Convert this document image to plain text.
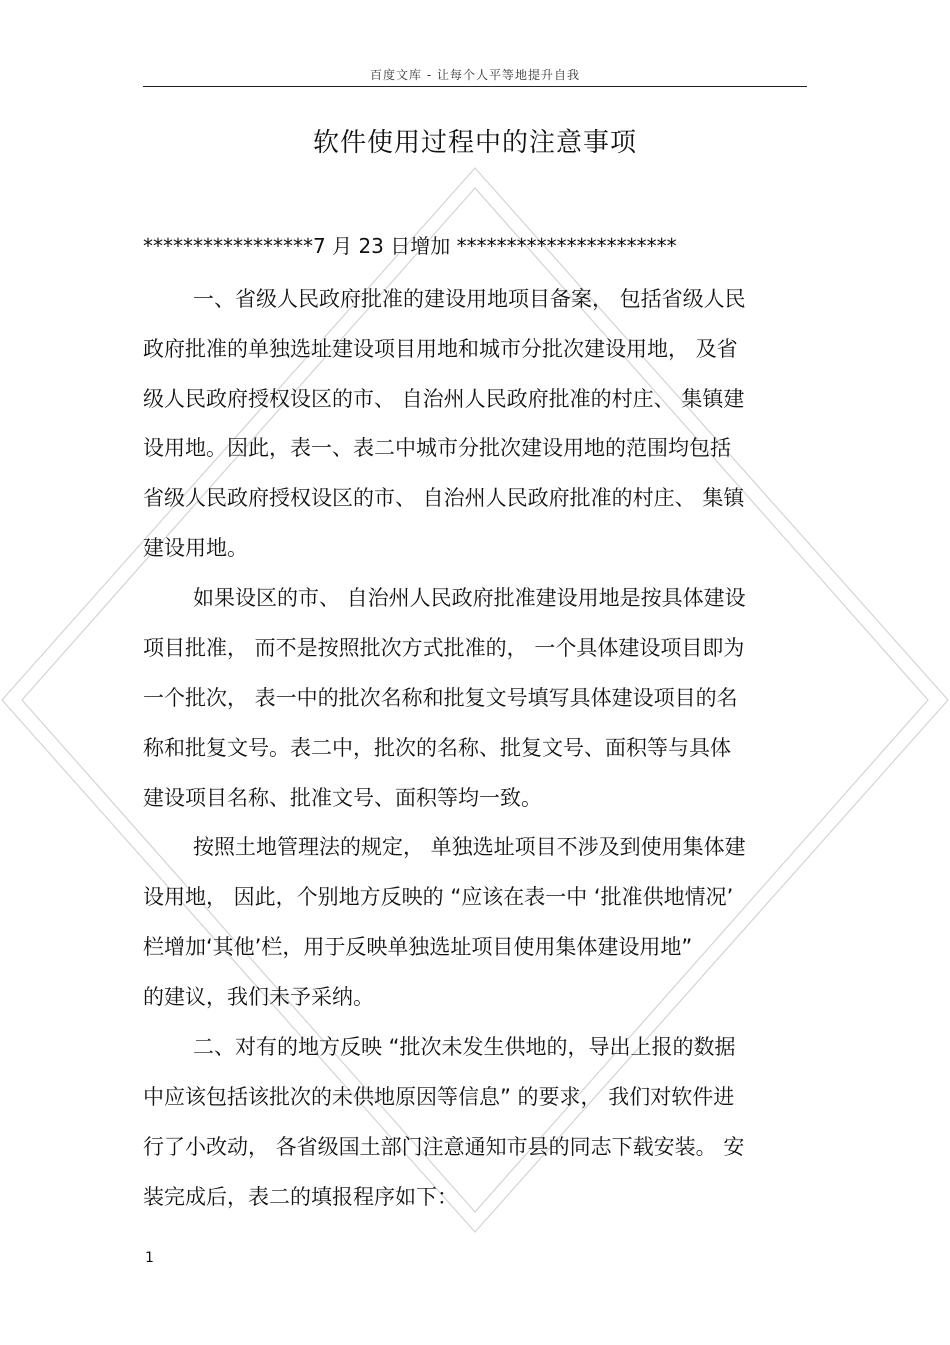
百度文库 - 让每个人平等地提升自我
软件使用过程中的注意事项
*****************7 月 23 日增加 **********************
一、省级人民政府批准的建设用地项目备案， 包括省级人民
政府批准的单独选址建设项目用地和城市分批次建设用地， 及省
级人民政府授权设区的市、 自治州人民政府批准的村庄、 集镇建
设用地。因此，表一、表二中城市分批次建设用地的范围均包括
省级人民政府授权设区的市、 自治州人民政府批准的村庄、 集镇
建设用地。
如果设区的市、 自治州人民政府批准建设用地是按具体建设
项目批准， 而不是按照批次方式批准的， 一个具体建设项目即为
一个批次， 表一中的批次名称和批复文号填写具体建设项目的名
称和批复文号。表二中，批次的名称、批复文号、面积等与具体
建设项目名称、批准文号、面积等均一致。
按照土地管理法的规定， 单独选址项目不涉及到使用集体建
设用地， 因此，个别地方反映的 “应该在表一中 ‘批准供地情况’
栏增加‘其他’栏，用于反映单独选址项目使用集体建设用地”
的建议，我们未予采纳。
二、对有的地方反映 “批次未发生供地的，导出上报的数据
中应该包括该批次的未供地原因等信息” 的要求， 我们对软件进
行了小改动， 各省级国土部门注意通知市县的同志下载安装。 安
装完成后，表二的填报程序如下：
1
